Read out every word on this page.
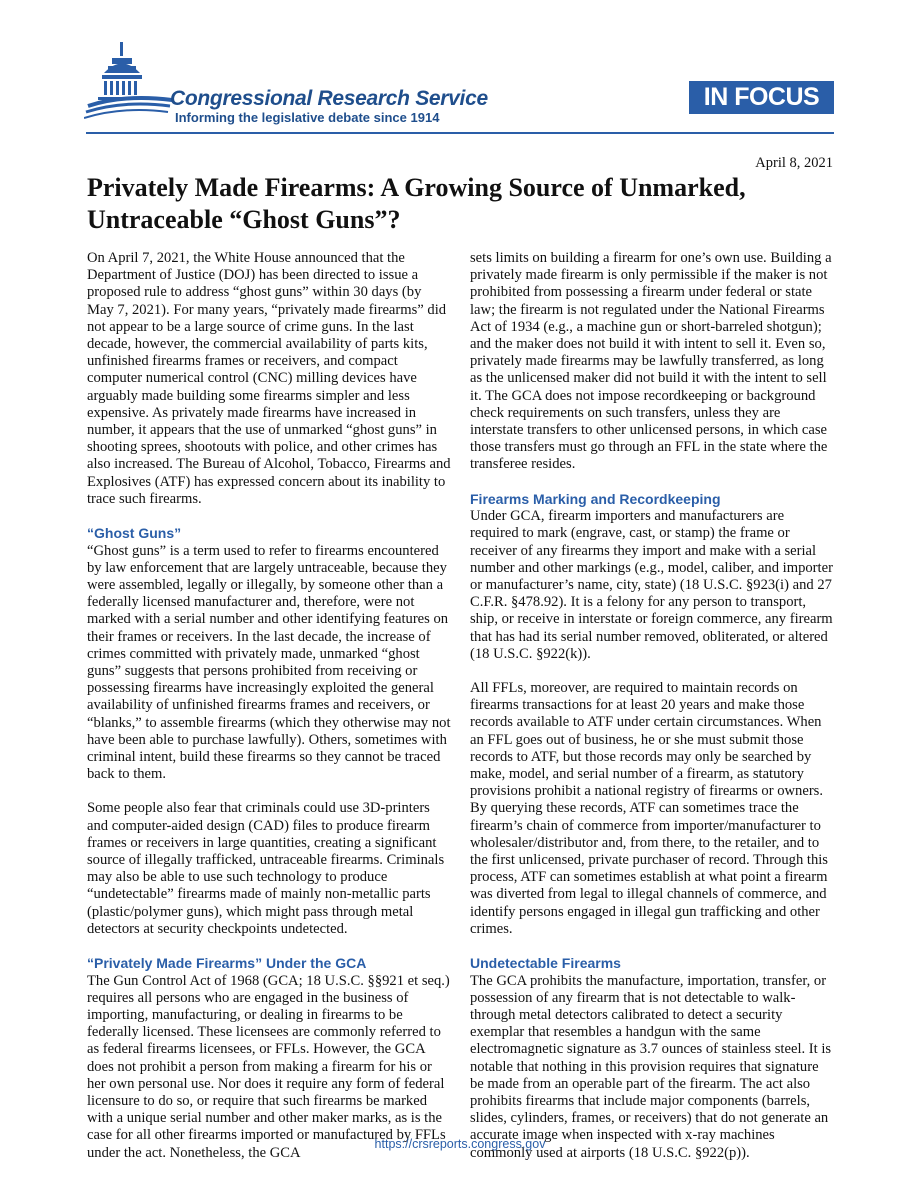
Congressional Research Service
Informing the legislative debate since 1914
IN FOCUS
April 8, 2021
Privately Made Firearms: A Growing Source of Unmarked, Untraceable “Ghost Guns”?

On April 7, 2021, the White House announced that the Department of Justice (DOJ) has been directed to issue a proposed rule to address “ghost guns” within 30 days (by May 7, 2021). For many years, “privately made firearms” did not appear to be a large source of crime guns. In the last decade, however, the commercial availability of parts kits, unfinished firearms frames or receivers, and compact computer numerical control (CNC) milling devices have arguably made building some firearms simpler and less expensive. As privately made firearms have increased in number, it appears that the use of unmarked “ghost guns” in shooting sprees, shootouts with police, and other crimes has also increased. The Bureau of Alcohol, Tobacco, Firearms and Explosives (ATF) has expressed concern about its inability to trace such firearms.

“Ghost Guns”

“Ghost guns” is a term used to refer to firearms encountered by law enforcement that are largely untraceable, because they were assembled, legally or illegally, by someone other than a federally licensed manufacturer and, therefore, were not marked with a serial number and other identifying features on their frames or receivers. In the last decade, the increase of crimes committed with privately made, unmarked “ghost guns” suggests that persons prohibited from receiving or possessing firearms have increasingly exploited the general availability of unfinished firearms frames and receivers, or “blanks,” to assemble firearms (which they otherwise may not have been able to purchase lawfully). Others, sometimes with criminal intent, build these firearms so they cannot be traced back to them.

Some people also fear that criminals could use 3D-printers and computer-aided design (CAD) files to produce firearm frames or receivers in large quantities, creating a significant source of illegally trafficked, untraceable firearms. Criminals may also be able to use such technology to produce “undetectable” firearms made of mainly non-metallic parts (plastic/polymer guns), which might pass through metal detectors at security checkpoints undetected.

“Privately Made Firearms” Under the GCA

The Gun Control Act of 1968 (GCA; 18 U.S.C. §§921 et seq.) requires all persons who are engaged in the business of importing, manufacturing, or dealing in firearms to be federally licensed. These licensees are commonly referred to as federal firearms licensees, or FFLs. However, the GCA does not prohibit a person from making a firearm for his or her own personal use. Nor does it require any form of federal licensure to do so, or require that such firearms be marked with a unique serial number and other maker marks, as is the case for all other firearms imported or manufactured by FFLs under the act. Nonetheless, the GCA

sets limits on building a firearm for one’s own use. Building a privately made firearm is only permissible if the maker is not prohibited from possessing a firearm under federal or state law; the firearm is not regulated under the National Firearms Act of 1934 (e.g., a machine gun or short-barreled shotgun); and the maker does not build it with intent to sell it. Even so, privately made firearms may be lawfully transferred, as long as the unlicensed maker did not build it with the intent to sell it. The GCA does not impose recordkeeping or background check requirements on such transfers, unless they are interstate transfers to other unlicensed persons, in which case those transfers must go through an FFL in the state where the transferee resides.

Firearms Marking and Recordkeeping

Under GCA, firearm importers and manufacturers are required to mark (engrave, cast, or stamp) the frame or receiver of any firearms they import and make with a serial number and other markings (e.g., model, caliber, and importer or manufacturer’s name, city, state) (18 U.S.C. §923(i) and 27 C.F.R. §478.92). It is a felony for any person to transport, ship, or receive in interstate or foreign commerce, any firearm that has had its serial number removed, obliterated, or altered (18 U.S.C. §922(k)).

All FFLs, moreover, are required to maintain records on firearms transactions for at least 20 years and make those records available to ATF under certain circumstances. When an FFL goes out of business, he or she must submit those records to ATF, but those records may only be searched by make, model, and serial number of a firearm, as statutory provisions prohibit a national registry of firearms or owners. By querying these records, ATF can sometimes trace the firearm’s chain of commerce from importer/manufacturer to wholesaler/distributor and, from there, to the retailer, and to the first unlicensed, private purchaser of record. Through this process, ATF can sometimes establish at what point a firearm was diverted from legal to illegal channels of commerce, and identify persons engaged in illegal gun trafficking and other crimes.

Undetectable Firearms

The GCA prohibits the manufacture, importation, transfer, or possession of any firearm that is not detectable to walk-through metal detectors calibrated to detect a security exemplar that resembles a handgun with the same electromagnetic signature as 3.7 ounces of stainless steel. It is notable that nothing in this provision requires that signature be made from an operable part of the firearm. The act also prohibits firearms that include major components (barrels, slides, cylinders, frames, or receivers) that do not generate an accurate image when inspected with x-ray machines commonly used at airports (18 U.S.C. §922(p)).

https://crsreports.congress.gov
